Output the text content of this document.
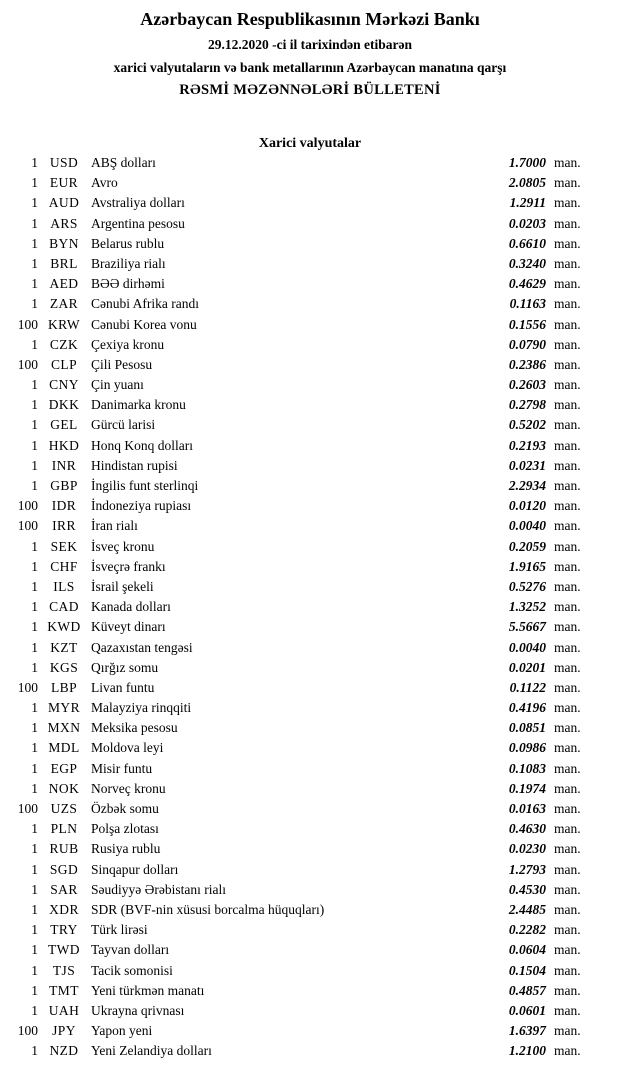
Azərbaycan Respublikasının Mərkəzi Bankı
29.12.2020 -ci il tarixindən etibarən
xarici valyutaların və bank metallarının Azərbaycan manatına qarşı
RƏSMİ MƏZƏNNƏLƏRİ BÜLLETENİ
Xarici valyutalar
1 USD ABŞ dolları	1.7000 man.
1 EUR Avro	2.0805 man.
1 AUD Avstraliya dolları	1.2911 man.
1 ARS Argentina pesosu	0.0203 man.
1 BYN Belarus rublu	0.6610 man.
1 BRL Braziliya rialı	0.3240 man.
1 AED BƏƏ dirhəmi	0.4629 man.
1 ZAR Cənubi Afrika randı	0.1163 man.
100 KRW Cənubi Korea vonu	0.1556 man.
1 CZK Çexiya kronu	0.0790 man.
100 CLP	Çili Pesosu	0.2386 man.
1 CNY Çin yuanı	0.2603 man.
1 DKK Danimarka kronu	0.2798 man.
1 GEL Gürcü larisi	0.5202 man.
1 HKD Honq Konq dolları	0.2193 man.
1	INR	Hindistan rupisi	0.0231 man.
1 GBP İngilis funt sterlinqi	2.2934 man.
100	IDR	İndoneziya rupiası	0.0120 man.
100	IRR	İran rialı	0.0040 man.
1 SEK	İsveç kronu	0.2059 man.
1 CHF İsveçrə frankı	1.9165 man.
1	ILS	İsrail şekeli	0.5276 man.
1 CAD Kanada dolları	1.3252 man.
1 KWD Küveyt dinarı	5.5667 man.
1 KZT Qazaxıstan tengəsi	0.0040 man.
1 KGS Qırğız somu	0.0201 man.
100 LBP	Livan funtu	0.1122 man.
1 MYR Malayziya rinqqiti	0.4196 man.
1 MXN Meksika pesosu	0.0851 man.
1 MDL Moldova leyi	0.0986 man.
1 EGP	Misir funtu	0.1083 man.
1 NOK Norveç kronu	0.1974 man.
100 UZS	Özbək somu	0.0163 man.
1 PLN	Polşa zlotası	0.4630 man.
1 RUB Rusiya rublu	0.0230 man.
1 SGD Sinqapur dolları	1.2793 man.
1 SAR Səudiyyə Ərəbistanı rialı	0.4530 man.
1 XDR SDR (BVF-nin xüsusi borcalma hüquqları)	2.4485 man.
1 TRY Türk lirəsi	0.2282 man.
1 TWD Tayvan dolları	0.0604 man.
1	TJS	Tacik somonisi	0.1504 man.
1 TMT Yeni türkmən manatı	0.4857 man.
1 UAH Ukrayna qrivnası	0.0601 man.
100	JPY	Yapon yeni	1.6397 man.
1 NZD Yeni Zelandiya dolları	1.2100 man.
